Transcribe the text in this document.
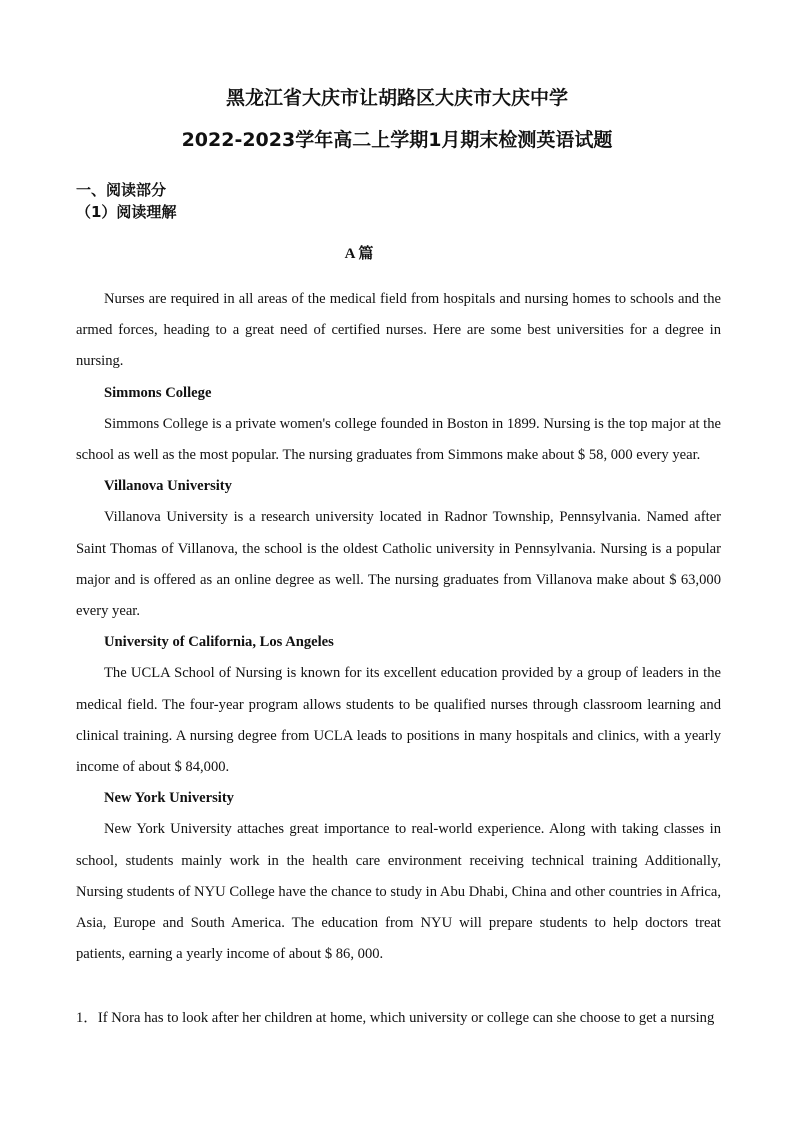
黑龙江省大庆市让胡路区大庆市大庆中学
2022-2023学年高二上学期1月期末检测英语试题
一、阅读部分
（1）阅读理解
A 篇

Nurses are required in all areas of the medical field from hospitals and nursing homes to schools and the armed forces, heading to a great need of certified nurses. Here are some best universities for a degree in nursing.

Simmons College

Simmons College is a private women's college founded in Boston in 1899. Nursing is the top major at the school as well as the most popular. The nursing graduates from Simmons make about $ 58, 000 every year.

Villanova University

Villanova University is a research university located in Radnor Township, Pennsylvania. Named after Saint Thomas of Villanova, the school is the oldest Catholic university in Pennsylvania. Nursing is a popular major and is offered as an online degree as well. The nursing graduates from Villanova make about $ 63,000 every year.

University of California, Los Angeles

The UCLA School of Nursing is known for its excellent education provided by a group of leaders in the medical field. The four-year program allows students to be qualified nurses through classroom learning and clinical training. A nursing degree from UCLA leads to positions in many hospitals and clinics, with a yearly income of about $ 84,000.

New York University

New York University attaches great importance to real-world experience. Along with taking classes in school, students mainly work in the health care environment receiving technical training Additionally, Nursing students of NYU College have the chance to study in Abu Dhabi, China and other countries in Africa, Asia, Europe and South America. The education from NYU will prepare students to help doctors treat patients, earning a yearly income of about $ 86, 000.

1．If Nora has to look after her children at home, which university or college can she choose to get a nursing
